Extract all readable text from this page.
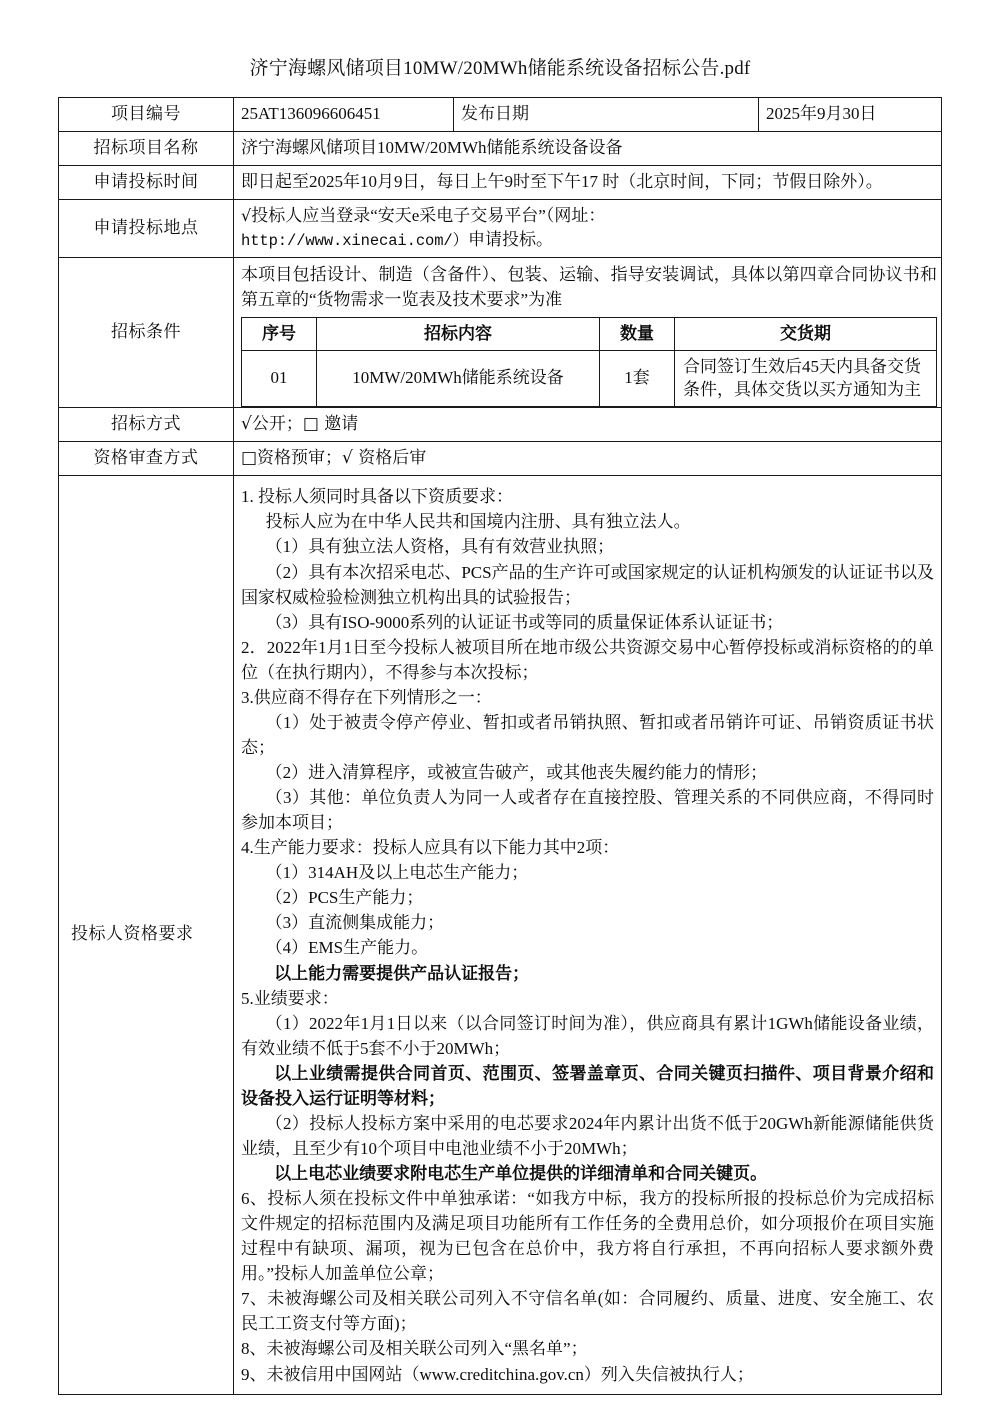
济宁海螺风储项目10MW/20MWh储能系统设备招标公告.pdf
项目编号	25AT136096606451	发布日期	2025年9月30日
招标项目名称	济宁海螺风储项目10MW/20MWh储能系统设备设备
申请投标时间	即日起至2025年10月9日，每日上午9时至下午17 时（北京时间，下同；节假日除外）。
申请投标地点	√投标人应当登录“安天e采电子交易平台”（网址：
http://www.xinecai.com/）申请投标。
招标条件	
本项目包括设计、制造（含备件）、包装、运输、指导安装调试，具体以第四章合同协议书和第五章的“货物需求一览表及技术要求”为准
序号	招标内容	数量	交货期
01	10MW/20MWh储能系统设备	1套	合同签订生效后45天内具备交货条件，具体交货以买方通知为主

招标方式	√公开；□ 邀请
资格审查方式	□资格预审；√ 资格后审
投标人资格要求	

1. 投标人须同时具备以下资质要求：

投标人应为在中华人民共和国境内注册、具有独立法人。

（1）具有独立法人资格，具有有效营业执照；

（2）具有本次招采电芯、PCS产品的生产许可或国家规定的认证机构颁发的认证证书以及国家权威检验检测独立机构出具的试验报告；

（3）具有ISO-9000系列的认证证书或等同的质量保证体系认证证书；

2．2022年1月1日至今投标人被项目所在地市级公共资源交易中心暂停投标或消标资格的的单位（在执行期内），不得参与本次投标；

3.供应商不得存在下列情形之一：

（1）处于被责令停产停业、暂扣或者吊销执照、暂扣或者吊销许可证、吊销资质证书状态；

（2）进入清算程序，或被宣告破产，或其他丧失履约能力的情形；

（3）其他：单位负责人为同一人或者存在直接控股、管理关系的不同供应商，不得同时参加本项目；

4.生产能力要求：投标人应具有以下能力其中2项：

（1）314AH及以上电芯生产能力；

（2）PCS生产能力；

（3）直流侧集成能力；

（4）EMS生产能力。

以上能力需要提供产品认证报告；

5.业绩要求：

（1）2022年1月1日以来（以合同签订时间为准），供应商具有累计1GWh储能设备业绩，有效业绩不低于5套不小于20MWh；

以上业绩需提供合同首页、范围页、签署盖章页、合同关键页扫描件、项目背景介绍和设备投入运行证明等材料；

（2）投标人投标方案中采用的电芯要求2024年内累计出货不低于20GWh新能源储能供货业绩，且至少有10个项目中电池业绩不小于20MWh；

以上电芯业绩要求附电芯生产单位提供的详细清单和合同关键页。

6、投标人须在投标文件中单独承诺：“如我方中标，我方的投标所报的投标总价为完成招标文件规定的招标范围内及满足项目功能所有工作任务的全费用总价，如分项报价在项目实施过程中有缺项、漏项，视为已包含在总价中，我方将自行承担，不再向招标人要求额外费用。”投标人加盖单位公章；

7、未被海螺公司及相关联公司列入不守信名单(如：合同履约、质量、进度、安全施工、农民工工资支付等方面)；

8、未被海螺公司及相关联公司列入“黑名单”；

9、未被信用中国网站（www.creditchina.gov.cn）列入失信被执行人；
